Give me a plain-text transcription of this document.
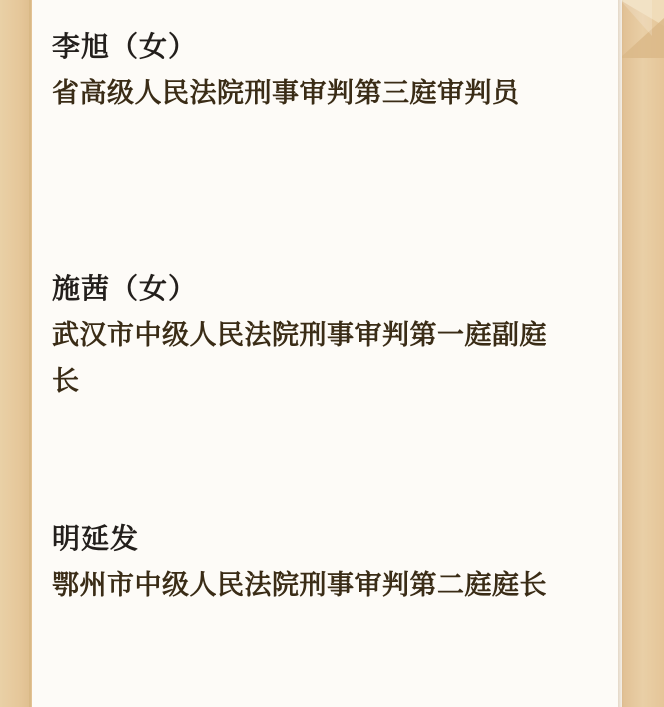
李旭（女）
省高级人民法院刑事审判第三庭审判员
施茜（女）
武汉市中级人民法院刑事审判第一庭副庭长
明延发
鄂州市中级人民法院刑事审判第二庭庭长
